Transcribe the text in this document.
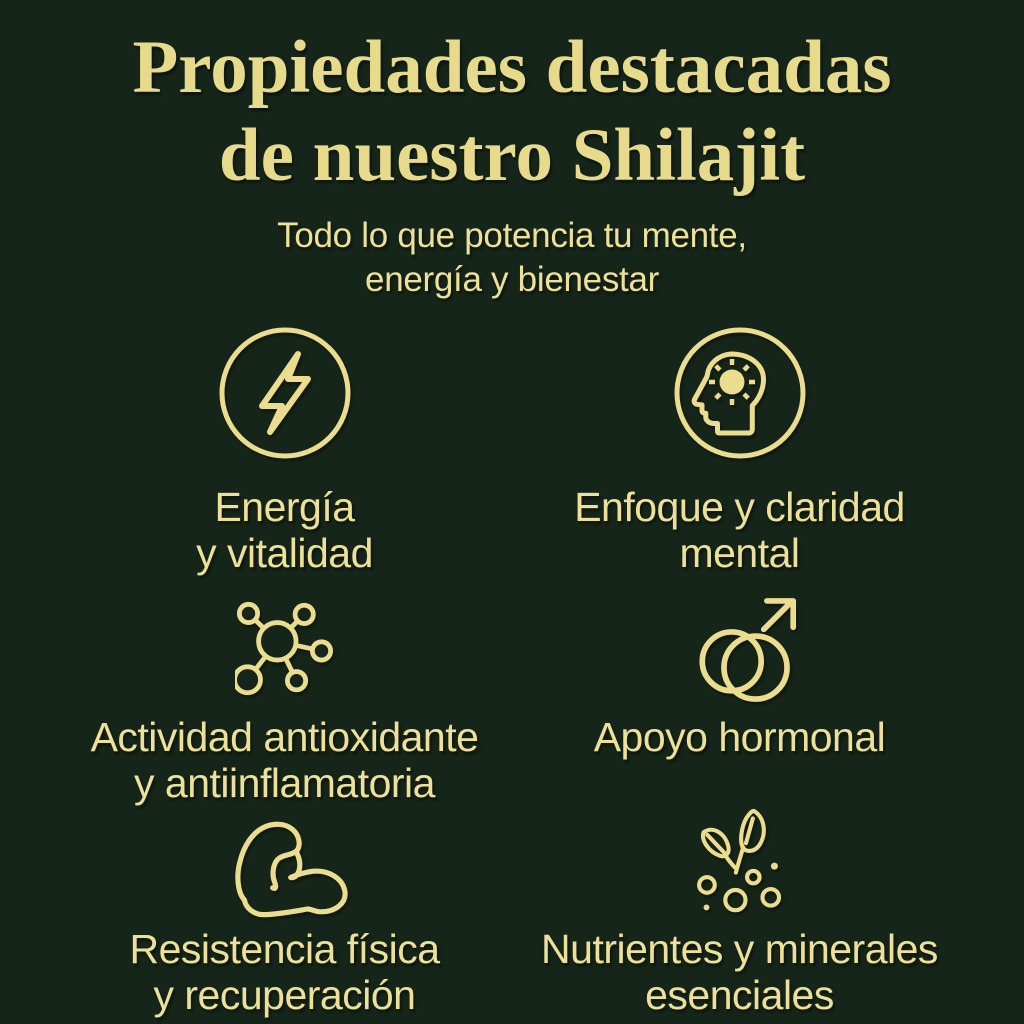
Propiedades destacadas
de nuestro Shilajit
Todo lo que potencia tu mente,
energía y bienestar
Energía
y vitalidad
Enfoque y claridad
mental
Actividad antioxidante
y antiinflamatoria
Apoyo hormonal
Resistencia física
y recuperación
Nutrientes y minerales
esenciales
